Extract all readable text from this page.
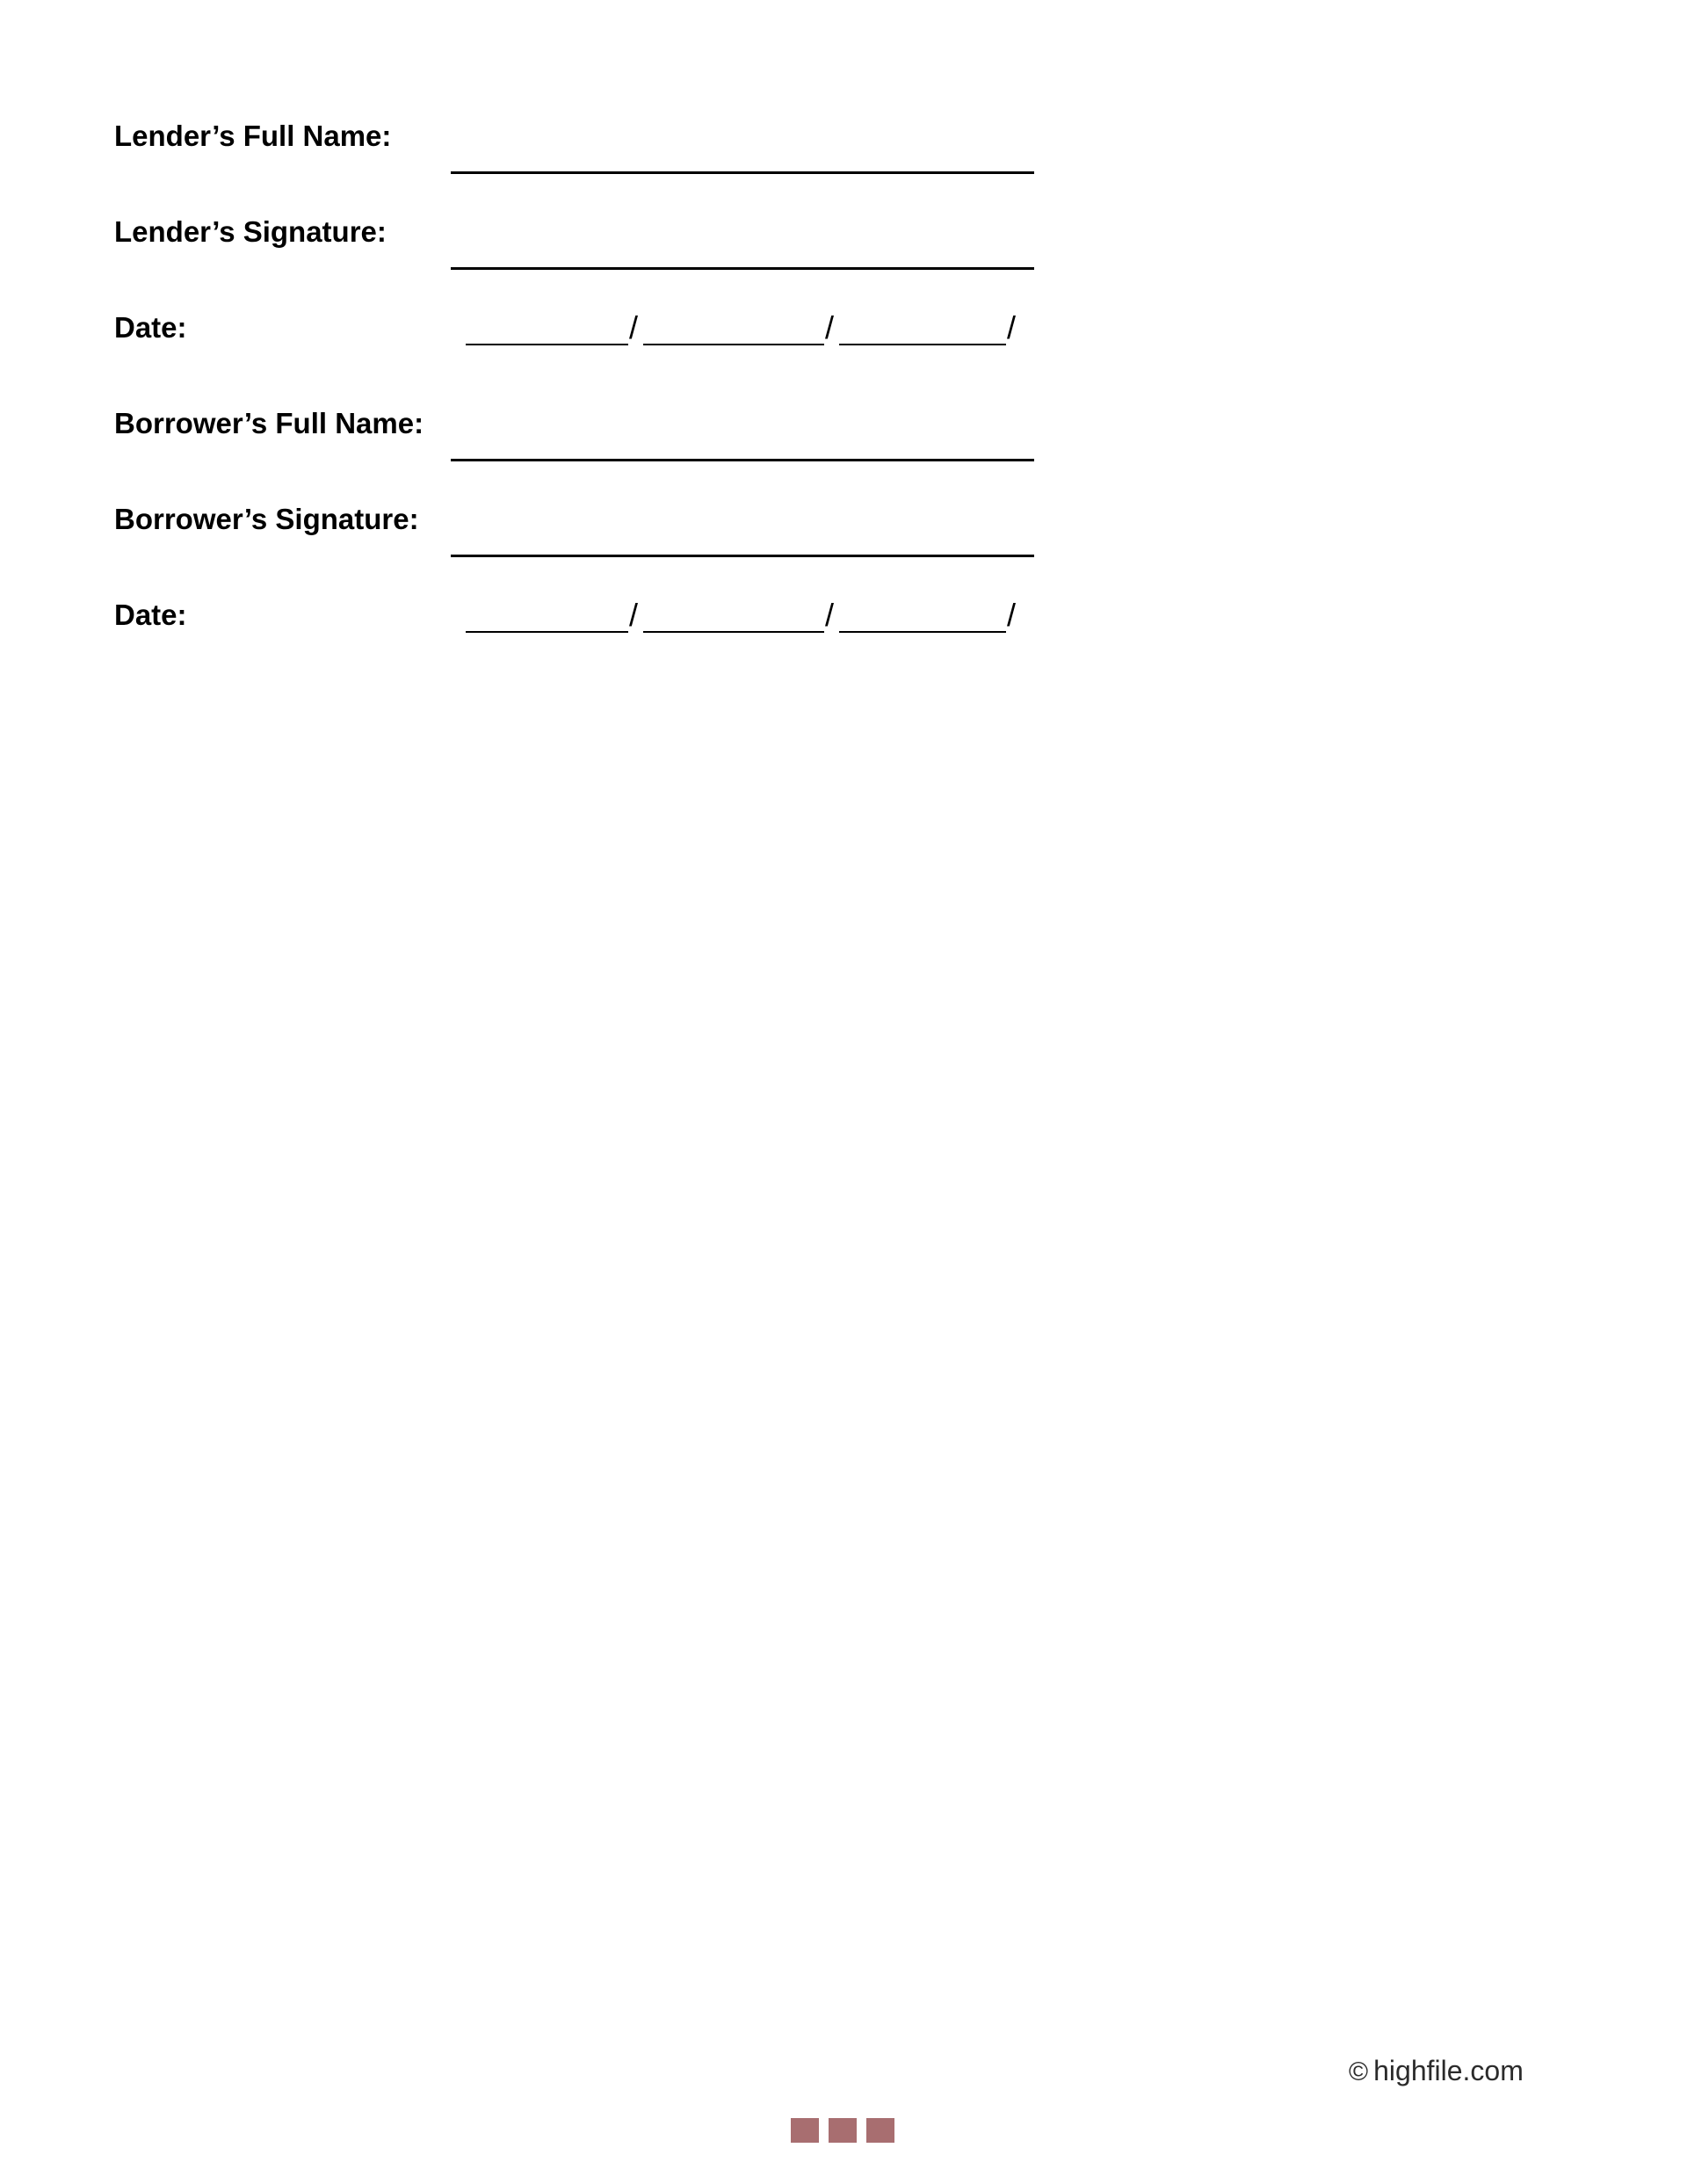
Lender’s Full Name:
Lender’s Signature:
Date:	/	/	/
Borrower’s Full Name:
Borrower’s Signature:
Date:	/	/	/
© highfile.com
